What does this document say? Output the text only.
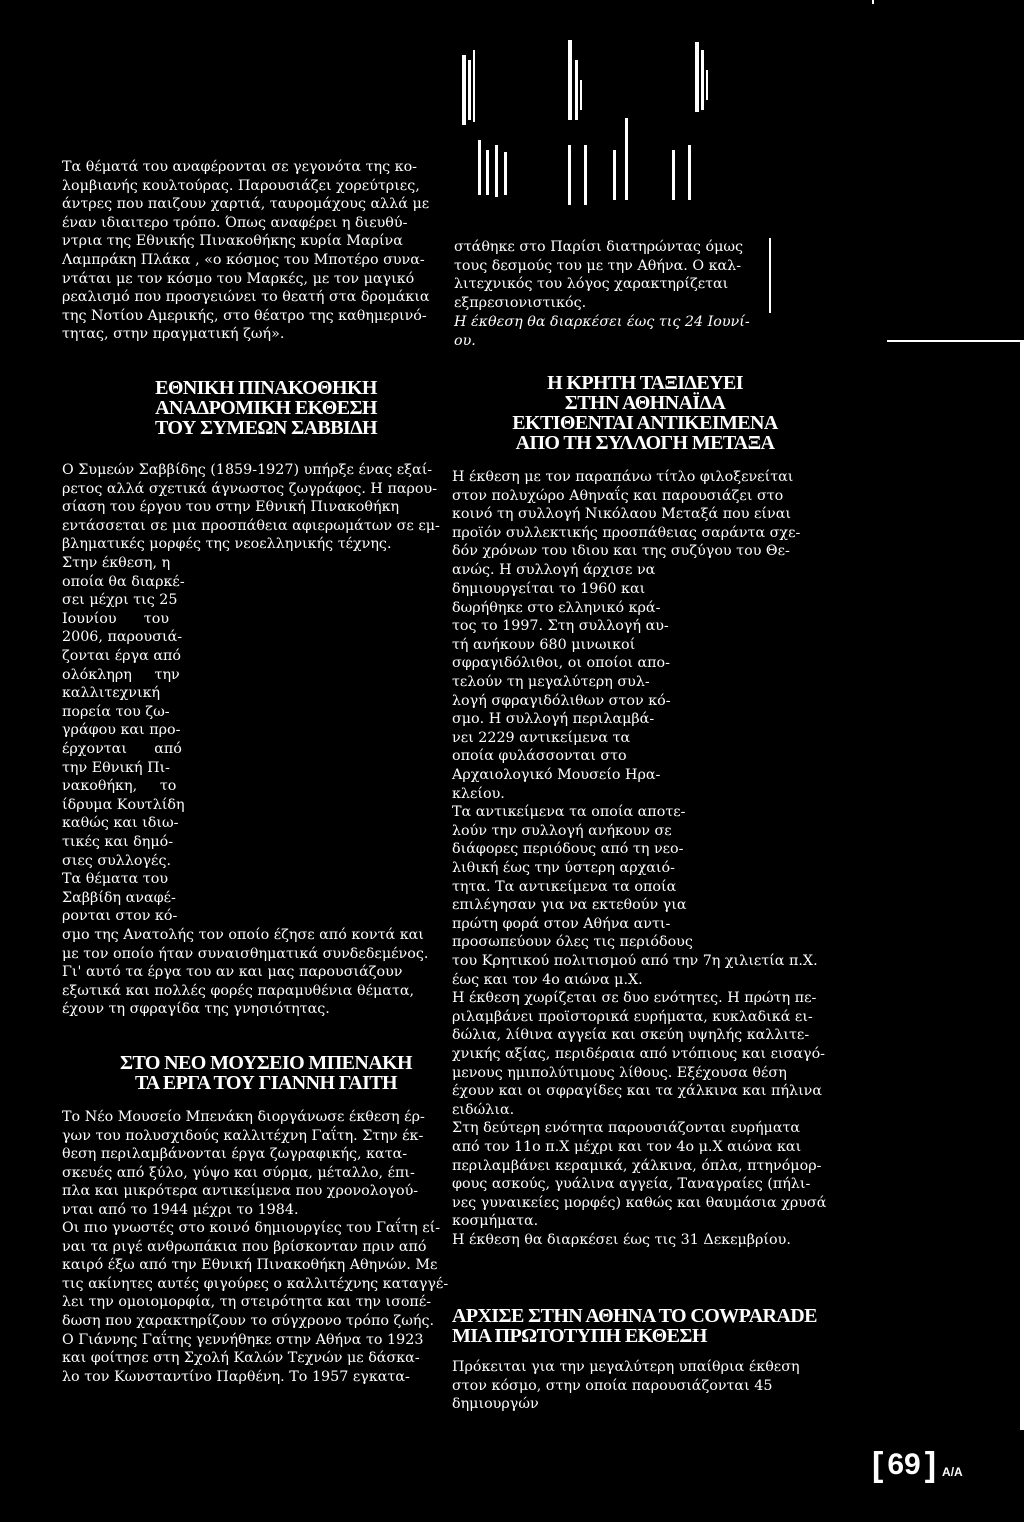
Τα θέματά του αναφέρονται σε γεγονότα της κο-
λομβιανής κουλτούρας. Παρουσιάζει χορεύτριες,
άντρες που παιζουν χαρτιά, ταυρομάχους αλλά με
έναν ιδιαιτερο τρόπο. Όπως αναφέρει η διευθύ-
ντρια της Εθνικής Πινακοθήκης κυρία Μαρίνα
Λαμπράκη Πλάκα , «ο κόσμος του Μποτέρο συνα-
ντάται με τον κόσμο του Μαρκές, με τον μαγικό
ρεαλισμό που προσγειώνει το θεατή στα δρομάκια
της Νοτίου Αμερικής, στο θέατρο της καθημερινό-
τητας, στην πραγματική ζωή».
ΕΘΝΙΚΗ ΠΙΝΑΚΟΘΗΚΗ
ΑΝΑΔΡΟΜΙΚΗ ΕΚΘΕΣΗ
ΤΟΥ ΣΥΜΕΩΝ ΣΑΒΒΙΔΗ
Ο Συμεών Σαββίδης (1859-1927) υπήρξε ένας εξαί-
ρετος αλλά σχετικά άγνωστος ζωγράφος. Η παρου-
σίαση του έργου του στην Εθνική Πινακοθήκη
εντάσσεται σε μια προσπάθεια αφιερωμάτων σε εμ-
βληματικές μορφές της νεοελληνικής τέχνης.
Στην έκθεση, η
οποία θα διαρκέ-
σει μέχρι τις 25
Ιουνίου      του
2006, παρουσιά-
ζονται έργα από
ολόκληρη     την
καλλιτεχνική
πορεία του ζω-
γράφου και προ-
έρχονται      από
την Εθνική Πι-
νακοθήκη,     το
ίδρυμα Κουτλίδη
καθώς και ιδιω-
τικές και δημό-
σιες συλλογές.
Τα θέματα του
Σαββίδη αναφέ-
ρονται στον κό-
σμο της Ανατολής τον οποίο έζησε από κοντά και
με τον οποίο ήταν συναισθηματικά συνδεδεμένος.
Γι' αυτό τα έργα του αν και μας παρουσιάζουν
εξωτικά και πολλές φορές παραμυθένια θέματα,
έχουν τη σφραγίδα της γνησιότητας.
ΣΤΟ ΝΕΟ ΜΟΥΣΕΙΟ ΜΠΕΝΑΚΗ
ΤΑ ΕΡΓΑ ΤΟΥ ΓΙΑΝΝΗ ΓΑΙΤΗ
Το Νέο Μουσείο Μπενάκη διοργάνωσε έκθεση έρ-
γων του πολυσχιδούς καλλιτέχνη Γαΐτη. Στην έκ-
θεση περιλαμβάνονται έργα ζωγραφικής, κατα-
σκευές από ξύλο, γύψο και σύρμα, μέταλλο, έπι-
πλα και μικρότερα αντικείμενα που χρονολογού-
νται από το 1944 μέχρι το 1984.
Οι πιο γνωστές στο κοινό δημιουργίες του Γαΐτη εί-
ναι τα ριγέ ανθρωπάκια που βρίσκονταν πριν από
καιρό έξω από την Εθνική Πινακοθήκη Αθηνών. Με
τις ακίνητες αυτές φιγούρες ο καλλιτέχνης καταγγέ-
λει την ομοιομορφία, τη στειρότητα και την ισοπέ-
δωση που χαρακτηρίζουν το σύγχρονο τρόπο ζωής.
Ο Γιάννης Γαΐτης γεννήθηκε στην Αθήνα το 1923
και φοίτησε στη Σχολή Καλών Τεχνών με δάσκα-
λο τον Κωνσταντίνο Παρθένη. Το 1957 εγκατα-
στάθηκε στο Παρίσι διατηρώντας όμως
τους δεσμούς του με την Αθήνα. Ο καλ-
λιτεχνικός του λόγος χαρακτηρίζεται
εξπρεσιονιστικός.
Η έκθεση θα διαρκέσει έως τις 24 Ιουνί-
ου.
Η ΚΡΗΤΗ ΤΑΞΙΔΕΥΕΙ
ΣΤΗΝ ΑΘΗΝΑΪΔΑ
ΕΚΤΙΘΕΝΤΑΙ ΑΝΤΙΚΕΙΜΕΝΑ
ΑΠΟ ΤΗ ΣΥΛΛΟΓΗ ΜΕΤΑΞΑ
Η έκθεση με τον παραπάνω τίτλο φιλοξενείται
στον πολυχώρο Αθηναΐς και παρουσιάζει στο
κοινό τη συλλογή Νικόλαου Μεταξά που είναι
προϊόν συλλεκτικής προσπάθειας σαράντα σχε-
δόν χρόνων του ιδιου και της συζύγου του Θε-
ανώς. Η συλλογή άρχισε να
δημιουργείται το 1960 και
δωρήθηκε στο ελληνικό κρά-
τος το 1997. Στη συλλογή αυ-
τή ανήκουν 680 μινωικοί
σφραγιδόλιθοι, οι οποίοι απο-
τελούν τη μεγαλύτερη συλ-
λογή σφραγιδόλιθων στον κό-
σμο. Η συλλογή περιλαμβά-
νει 2229 αντικείμενα τα
οποία φυλάσσονται στο
Αρχαιολογικό Μουσείο Ηρα-
κλείου.
Τα αντικείμενα τα οποία αποτε-
λούν την συλλογή ανήκουν σε
διάφορες περιόδους από τη νεο-
λιθική έως την ύστερη αρχαιό-
τητα. Τα αντικείμενα τα οποία
επιλέγησαν για να εκτεθούν για
πρώτη φορά στον Αθήνα αντι-
προσωπεύουν όλες τις περιόδους
του Κρητικού πολιτισμού από την 7η χιλιετία π.Χ.
έως και τον 4ο αιώνα μ.Χ.
Η έκθεση χωρίζεται σε δυο ενότητες. Η πρώτη πε-
ριλαμβάνει προϊστορικά ευρήματα, κυκλαδικά ει-
δώλια, λίθινα αγγεία και σκεύη υψηλής καλλιτε-
χνικής αξίας, περιδέραια από ντόπιους και εισαγό-
μενους ημιπολύτιμους λίθους. Εξέχουσα θέση
έχουν και οι σφραγίδες και τα χάλκινα και πήλινα
ειδώλια.
Στη δεύτερη ενότητα παρουσιάζονται ευρήματα
από τον 11ο π.Χ μέχρι και τον 4ο μ.Χ αιώνα και
περιλαμβάνει κεραμικά, χάλκινα, όπλα, πτηνόμορ-
φους ασκούς, γυάλινα αγγεία, Ταναγραίες (πήλι-
νες γυναικείες μορφές) καθώς και θαυμάσια χρυσά
κοσμήματα.
Η έκθεση θα διαρκέσει έως τις 31 Δεκεμβρίου.
ΑΡΧΙΣΕ ΣΤΗΝ ΑΘΗΝΑ ΤΟ COWPARADE
ΜΙΑ ΠΡΩΤΟΤΥΠΗ ΕΚΘΕΣΗ
Πρόκειται για την μεγαλύτερη υπαίθρια έκθεση
στον κόσμο, στην οποία παρουσιάζονται 45
δημιουργών
[ 69 ] Α/Α
